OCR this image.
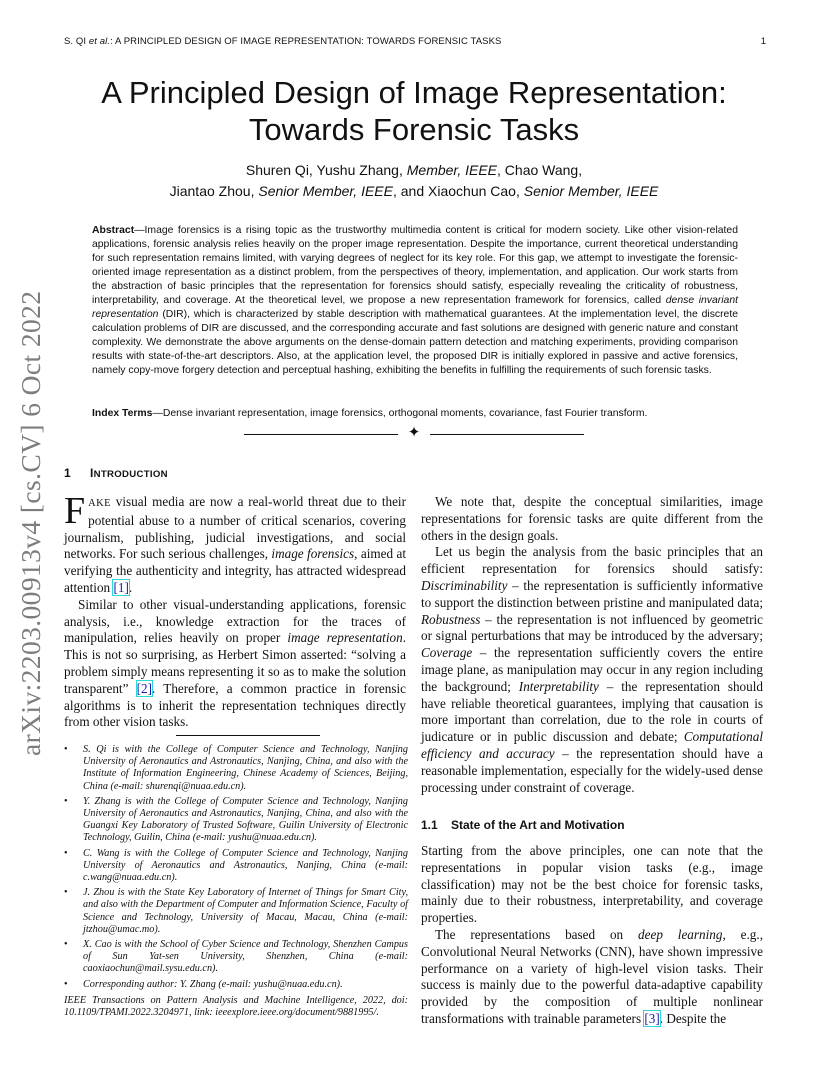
S. QI et al.: A PRINCIPLED DESIGN OF IMAGE REPRESENTATION: TOWARDS FORENSIC TASKS	1
arXiv:2203.00913v4 [cs.CV] 6 Oct 2022
A Principled Design of Image Representation:
Towards Forensic Tasks
Shuren Qi, Yushu Zhang, Member, IEEE, Chao Wang,
Jiantao Zhou, Senior Member, IEEE, and Xiaochun Cao, Senior Member, IEEE
Abstract—Image forensics is a rising topic as the trustworthy multimedia content is critical for modern society. Like other vision-related applications, forensic analysis relies heavily on the proper image representation. Despite the importance, current theoretical understanding for such representation remains limited, with varying degrees of neglect for its key role. For this gap, we attempt to investigate the forensic-oriented image representation as a distinct problem, from the perspectives of theory, implementation, and application. Our work starts from the abstraction of basic principles that the representation for forensics should satisfy, especially revealing the criticality of robustness, interpretability, and coverage. At the theoretical level, we propose a new representation framework for forensics, called dense invariant representation (DIR), which is characterized by stable description with mathematical guarantees. At the implementation level, the discrete calculation problems of DIR are discussed, and the corresponding accurate and fast solutions are designed with generic nature and constant complexity. We demonstrate the above arguments on the dense-domain pattern detection and matching experiments, providing comparison results with state-of-the-art descriptors. Also, at the application level, the proposed DIR is initially explored in passive and active forensics, namely copy-move forgery detection and perceptual hashing, exhibiting the benefits in fulfilling the requirements of such forensic tasks.
Index Terms—Dense invariant representation, image forensics, orthogonal moments, covariance, fast Fourier transform.
✦
1 INTRODUCTION

FAKE visual media are now a real-world threat due to their potential abuse to a number of critical scenarios, covering journalism, publishing, judicial investigations, and social networks. For such serious challenges, image forensics, aimed at verifying the authenticity and integrity, has attracted widespread attention [1].

Similar to other visual-understanding applications, forensic analysis, i.e., knowledge extraction for the traces of manipulation, relies heavily on proper image representation. This is not so surprising, as Herbert Simon asserted: “solving a problem simply means representing it so as to make the solution transparent” [2]. Therefore, a common practice in forensic algorithms is to inherit the representation techniques directly from other vision tasks.

• S. Qi is with the College of Computer Science and Technology, Nanjing University of Aeronautics and Astronautics, Nanjing, China, and also with the Institute of Information Engineering, Chinese Academy of Sciences, Beijing, China (e-mail: shurenqi@nuaa.edu.cn).
• Y. Zhang is with the College of Computer Science and Technology, Nanjing University of Aeronautics and Astronautics, Nanjing, China, and also with the Guangxi Key Laboratory of Trusted Software, Guilin University of Electronic Technology, Guilin, China (e-mail: yushu@nuaa.edu.cn).
• C. Wang is with the College of Computer Science and Technology, Nanjing University of Aeronautics and Astronautics, Nanjing, China (e-mail: c.wang@nuaa.edu.cn).
• J. Zhou is with the State Key Laboratory of Internet of Things for Smart City, and also with the Department of Computer and Information Science, Faculty of Science and Technology, University of Macau, Macau, China (e-mail: jtzhou@umac.mo).
• X. Cao is with the School of Cyber Science and Technology, Shenzhen Campus of Sun Yat-sen University, Shenzhen, China (e-mail: caoxiaochun@mail.sysu.edu.cn).
• Corresponding author: Y. Zhang (e-mail: yushu@nuaa.edu.cn).
IEEE Transactions on Pattern Analysis and Machine Intelligence, 2022, doi: 10.1109/TPAMI.2022.3204971, link: ieeexplore.ieee.org/document/9881995/.

We note that, despite the conceptual similarities, image representations for forensic tasks are quite different from the others in the design goals.

Let us begin the analysis from the basic principles that an efficient representation for forensics should satisfy: Discriminability – the representation is sufficiently informative to support the distinction between pristine and manipulated data; Robustness – the representation is not influenced by geometric or signal perturbations that may be introduced by the adversary; Coverage – the representation sufficiently covers the entire image plane, as manipulation may occur in any region including the background; Interpretability – the representation should have reliable theoretical guarantees, implying that causation is more important than correlation, due to the role in courts of judicature or in public discussion and debate; Computational efficiency and accuracy – the representation should have a reasonable implementation, especially for the widely-used dense processing under constraint of coverage.

1.1 State of the Art and Motivation

Starting from the above principles, one can note that the representations in popular vision tasks (e.g., image classification) may not be the best choice for forensic tasks, mainly due to their robustness, interpretability, and coverage properties.

The representations based on deep learning, e.g., Convolutional Neural Networks (CNN), have shown impressive performance on a variety of high-level vision tasks. Their success is mainly due to the powerful data-adaptive capability provided by the composition of multiple nonlinear transformations with trainable parameters [3]. Despite the
